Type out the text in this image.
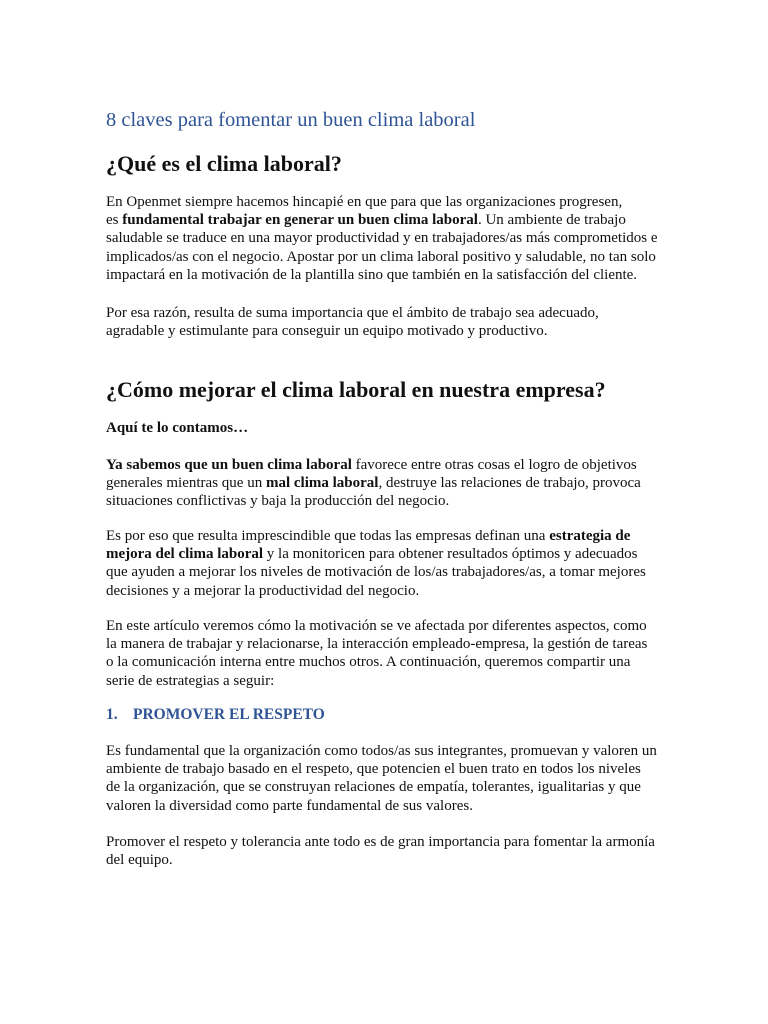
8 claves para fomentar un buen clima laboral
¿Qué es el clima laboral?

En Openmet siempre hacemos hincapié en que para que las organizaciones progresen,
es fundamental trabajar en generar un buen clima laboral. Un ambiente de trabajo
saludable se traduce en una mayor productividad y en trabajadores/as más comprometidos e
implicados/as con el negocio. Apostar por un clima laboral positivo y saludable, no tan solo
impactará en la motivación de la plantilla sino que también en la satisfacción del cliente.

Por esa razón, resulta de suma importancia que el ámbito de trabajo sea adecuado,
agradable y estimulante para conseguir un equipo motivado y productivo.

¿Cómo mejorar el clima laboral en nuestra empresa?

Aquí te lo contamos…

Ya sabemos que un buen clima laboral favorece entre otras cosas el logro de objetivos
generales mientras que un mal clima laboral, destruye las relaciones de trabajo, provoca
situaciones conflictivas y baja la producción del negocio.

Es por eso que resulta imprescindible que todas las empresas definan una estrategia de
mejora del clima laboral y la monitoricen para obtener resultados óptimos y adecuados
que ayuden a mejorar los niveles de motivación de los/as trabajadores/as, a tomar mejores
decisiones y a mejorar la productividad del negocio.

En este artículo veremos cómo la motivación se ve afectada por diferentes aspectos, como
la manera de trabajar y relacionarse, la interacción empleado-empresa, la gestión de tareas
o la comunicación interna entre muchos otros. A continuación, queremos compartir una
serie de estrategias a seguir:

1. PROMOVER EL RESPETO

Es fundamental que la organización como todos/as sus integrantes, promuevan y valoren un
ambiente de trabajo basado en el respeto, que potencien el buen trato en todos los niveles
de la organización, que se construyan relaciones de empatía, tolerantes, igualitarias y que
valoren la diversidad como parte fundamental de sus valores.

Promover el respeto y tolerancia ante todo es de gran importancia para fomentar la armonía
del equipo.
